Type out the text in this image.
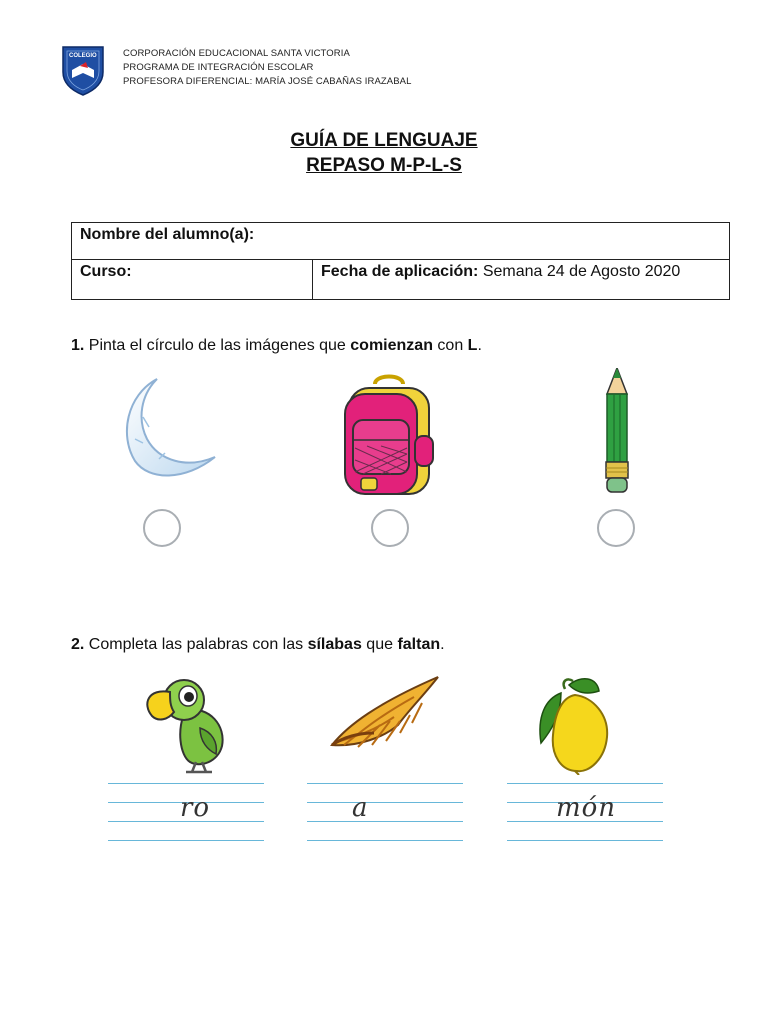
COLEGIO	CORPORACIÓN EDUCACIONAL SANTA VICTORIA
PROGRAMA DE INTEGRACIÓN ESCOLAR
PROFESORA DIFERENCIAL: MARÍA JOSÉ CABAÑAS IRAZABAL
GUÍA DE LENGUAJE
REPASO M-P-L-S
Nombre del alumno(a):
Curso:	Fecha de aplicación: Semana 24 de Agosto 2020
1. Pinta el círculo de las imágenes que comienzan con L.
2. Completa las palabras con las sílabas que faltan.
ro	a	món
